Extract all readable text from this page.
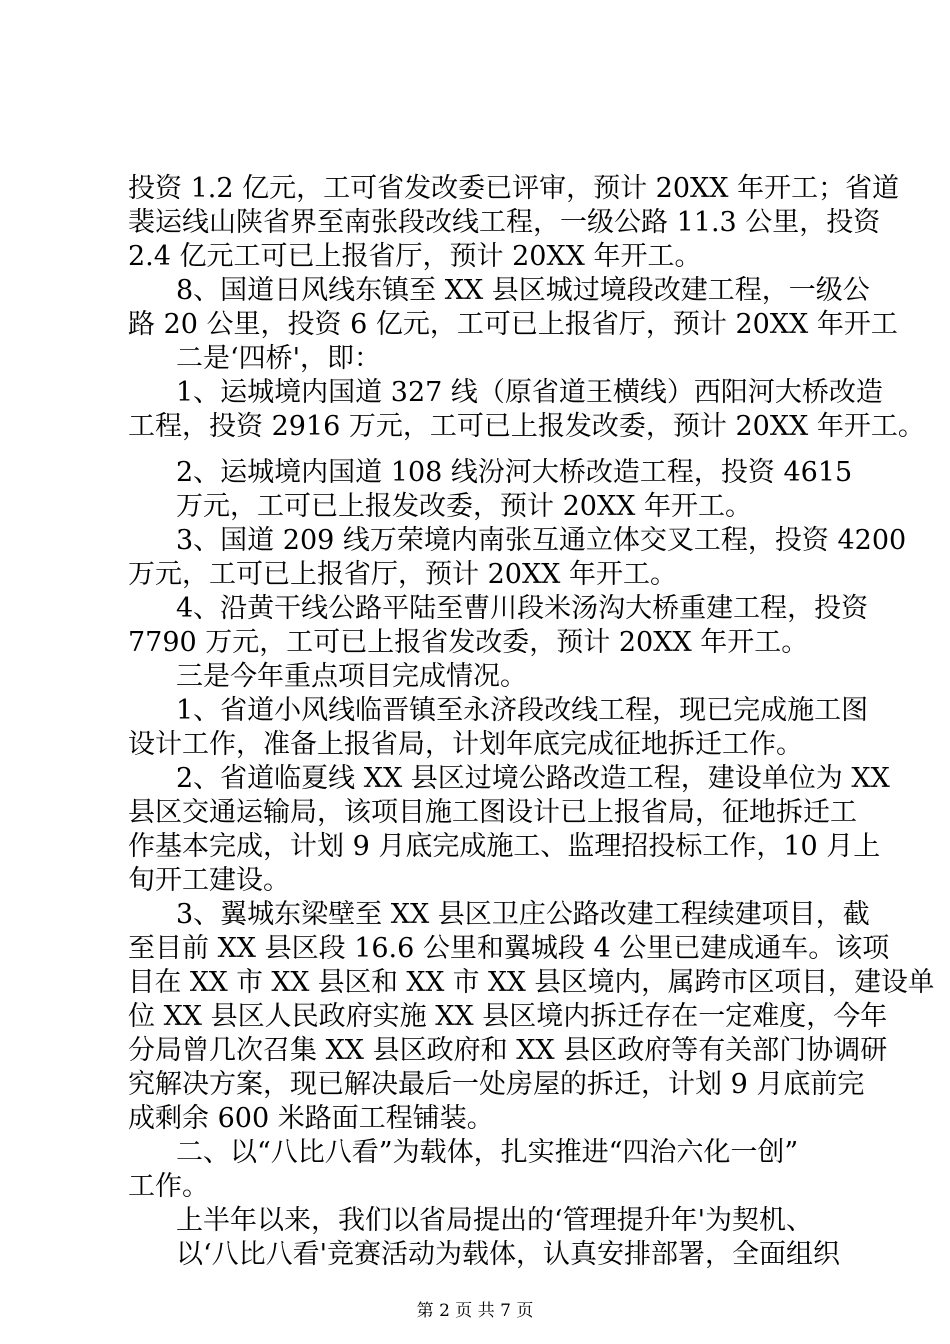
投资 1.2 亿元，工可省发改委已评审，预计 20XX 年开工；省道
裴运线山陕省界至南张段改线工程，一级公路 11.3 公里，投资
2.4 亿元工可已上报省厅，预计 20XX 年开工。
8、国道日风线东镇至 XX 县区城过境段改建工程，一级公
路 20 公里，投资 6 亿元，工可已上报省厅，预计 20XX 年开工
二是‘四桥'，即：
1、运城境内国道 327 线（原省道王横线）西阳河大桥改造
工程，投资 2916 万元，工可已上报发改委，预计 20XX 年开工。
2、运城境内国道 108 线汾河大桥改造工程，投资 4615
万元，工可已上报发改委，预计 20XX 年开工。
3、国道 209 线万荣境内南张互通立体交叉工程，投资 4200
万元，工可已上报省厅，预计 20XX 年开工。
4、沿黄干线公路平陆至曹川段米汤沟大桥重建工程，投资
7790 万元，工可已上报省发改委，预计 20XX 年开工。
三是今年重点项目完成情况。
1、省道小风线临晋镇至永济段改线工程，现已完成施工图
设计工作，准备上报省局，计划年底完成征地拆迁工作。
2、省道临夏线 XX 县区过境公路改造工程，建设单位为 XX
县区交通运输局，该项目施工图设计已上报省局，征地拆迁工
作基本完成，计划 9 月底完成施工、监理招投标工作，10 月上
旬开工建设。
3、翼城东梁壁至 XX 县区卫庄公路改建工程续建项目，截
至目前 XX 县区段 16.6 公里和翼城段 4 公里已建成通车。该项
目在 XX 市 XX 县区和 XX 市 XX 县区境内，属跨市区项目，建设单
位 XX 县区人民政府实施 XX 县区境内拆迁存在一定难度，今年
分局曾几次召集 XX 县区政府和 XX 县区政府等有关部门协调研
究解决方案，现已解决最后一处房屋的拆迁，计划 9 月底前完
成剩余 600 米路面工程铺装。
二、以“八比八看”为载体，扎实推进“四治六化一创”
工作。
上半年以来，我们以省局提出的‘管理提升年'为契机、
以‘八比八看'竞赛活动为载体，认真安排部署，全面组织
第 2 页 共 7 页
